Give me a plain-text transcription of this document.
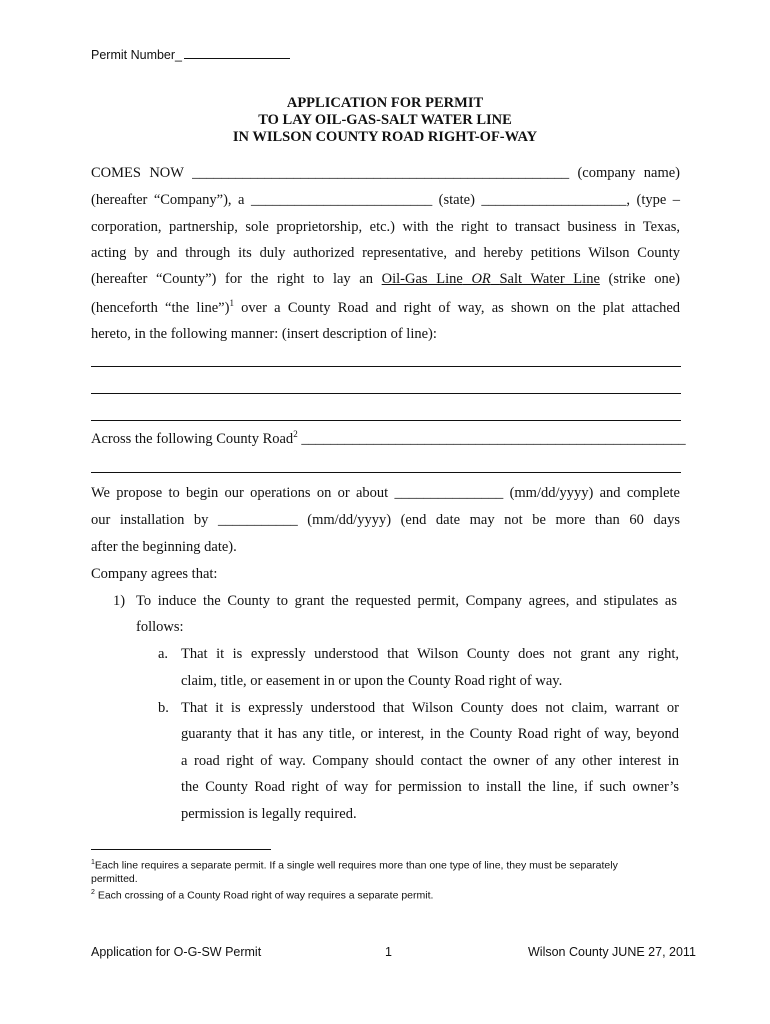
Permit Number_
APPLICATION FOR PERMIT
TO LAY OIL-GAS-SALT WATER LINE
IN WILSON COUNTY ROAD RIGHT-OF-WAY
COMES NOW ____________________________________________________ (company name)
(hereafter “Company”), a _________________________ (state) ____________________, (type –
corporation, partnership, sole proprietorship, etc.) with the right to transact business in Texas,
acting by and through its duly authorized representative, and hereby petitions Wilson County
(hereafter “County”) for the right to lay an Oil-Gas Line OR Salt Water Line (strike one)
(henceforth “the line”)$^1$ over a County Road and right of way, as shown on the plat attached
hereto, in the following manner: (insert description of line):
Across the following County Road$^2$ _____________________________________________________
We propose to begin our operations on or about _______________ (mm/dd/yyyy) and complete
our installation by ___________ (mm/dd/yyyy) (end date may not be more than 60 days
after the beginning date).
Company agrees that:
1) To induce the County to grant the requested permit, Company agrees, and stipulates as
follows:
a. That it is expressly understood that Wilson County does not grant any right,
claim, title, or easement in or upon the County Road right of way.
b. That it is expressly understood that Wilson County does not claim, warrant or
guaranty that it has any title, or interest, in the County Road right of way, beyond
a road right of way. Company should contact the owner of any other interest in
the County Road right of way for permission to install the line, if such owner’s
permission is legally required.
$^1$Each line requires a separate permit. If a single well requires more than one type of line, they must be separately
permitted.
$^2$ Each crossing of a County Road right of way requires a separate permit.
Application for O-G-SW Permit	1	Wilson County JUNE 27, 2011
